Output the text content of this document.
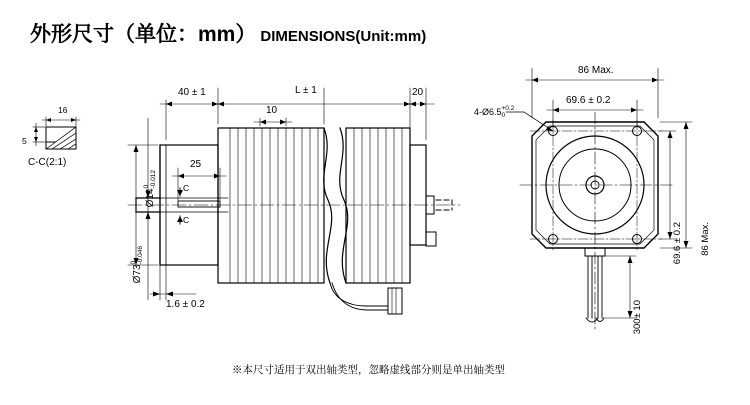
外形尺寸（单位：mm） DIMENSIONS(Unit:mm)
16
5
C-C(2:1)
40 ± 1	L ± 1	20
10
25
Ø140
-0.012
Ø730
-0.046
1.6 ± 0.2
C
C
86 Max.
69.6 ± 0.2
4-Ø6.5+0.2
0
69.6 ± 0.2 86 Max.
300± 10
※本尺寸适用于双出轴类型，忽略虚线部分则是单出轴类型
